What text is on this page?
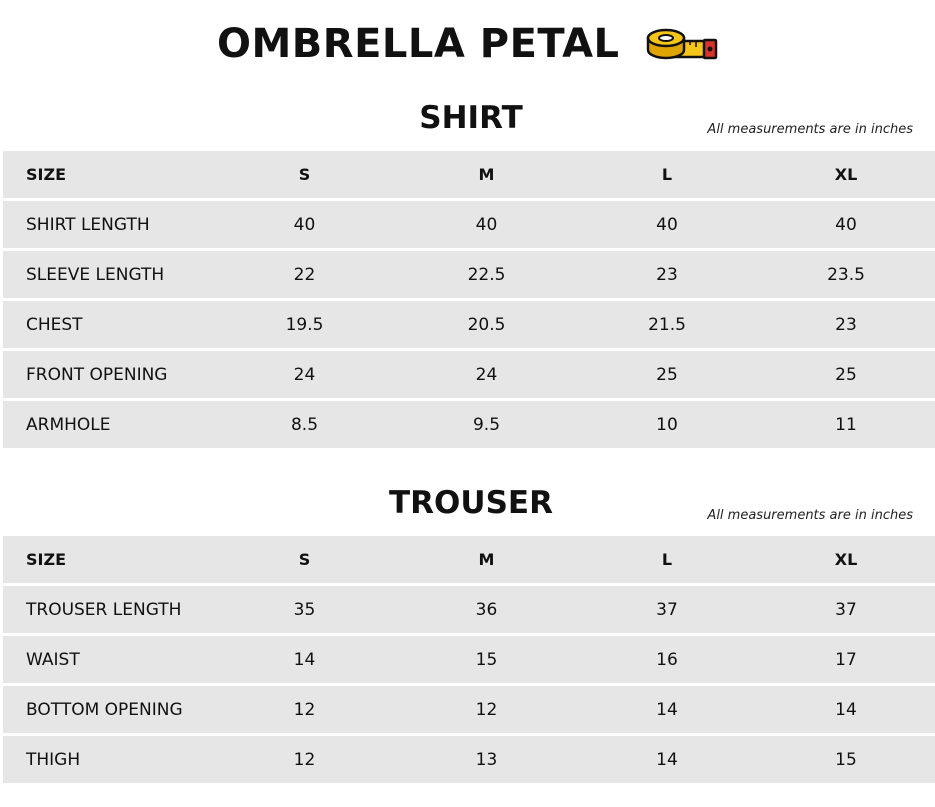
OMBRELLA PETAL
SHIRT	All measurements are in inches
SIZE	S	M	L	XL
SHIRT LENGTH	40	40	40	40
SLEEVE LENGTH	22	22.5	23	23.5
CHEST	19.5	20.5	21.5	23
FRONT OPENING	24	24	25	25
ARMHOLE	8.5	9.5	10	11
TROUSER	All measurements are in inches
SIZE	S	M	L	XL
TROUSER LENGTH	35	36	37	37
WAIST	14	15	16	17
BOTTOM OPENING	12	12	14	14
THIGH	12	13	14	15
